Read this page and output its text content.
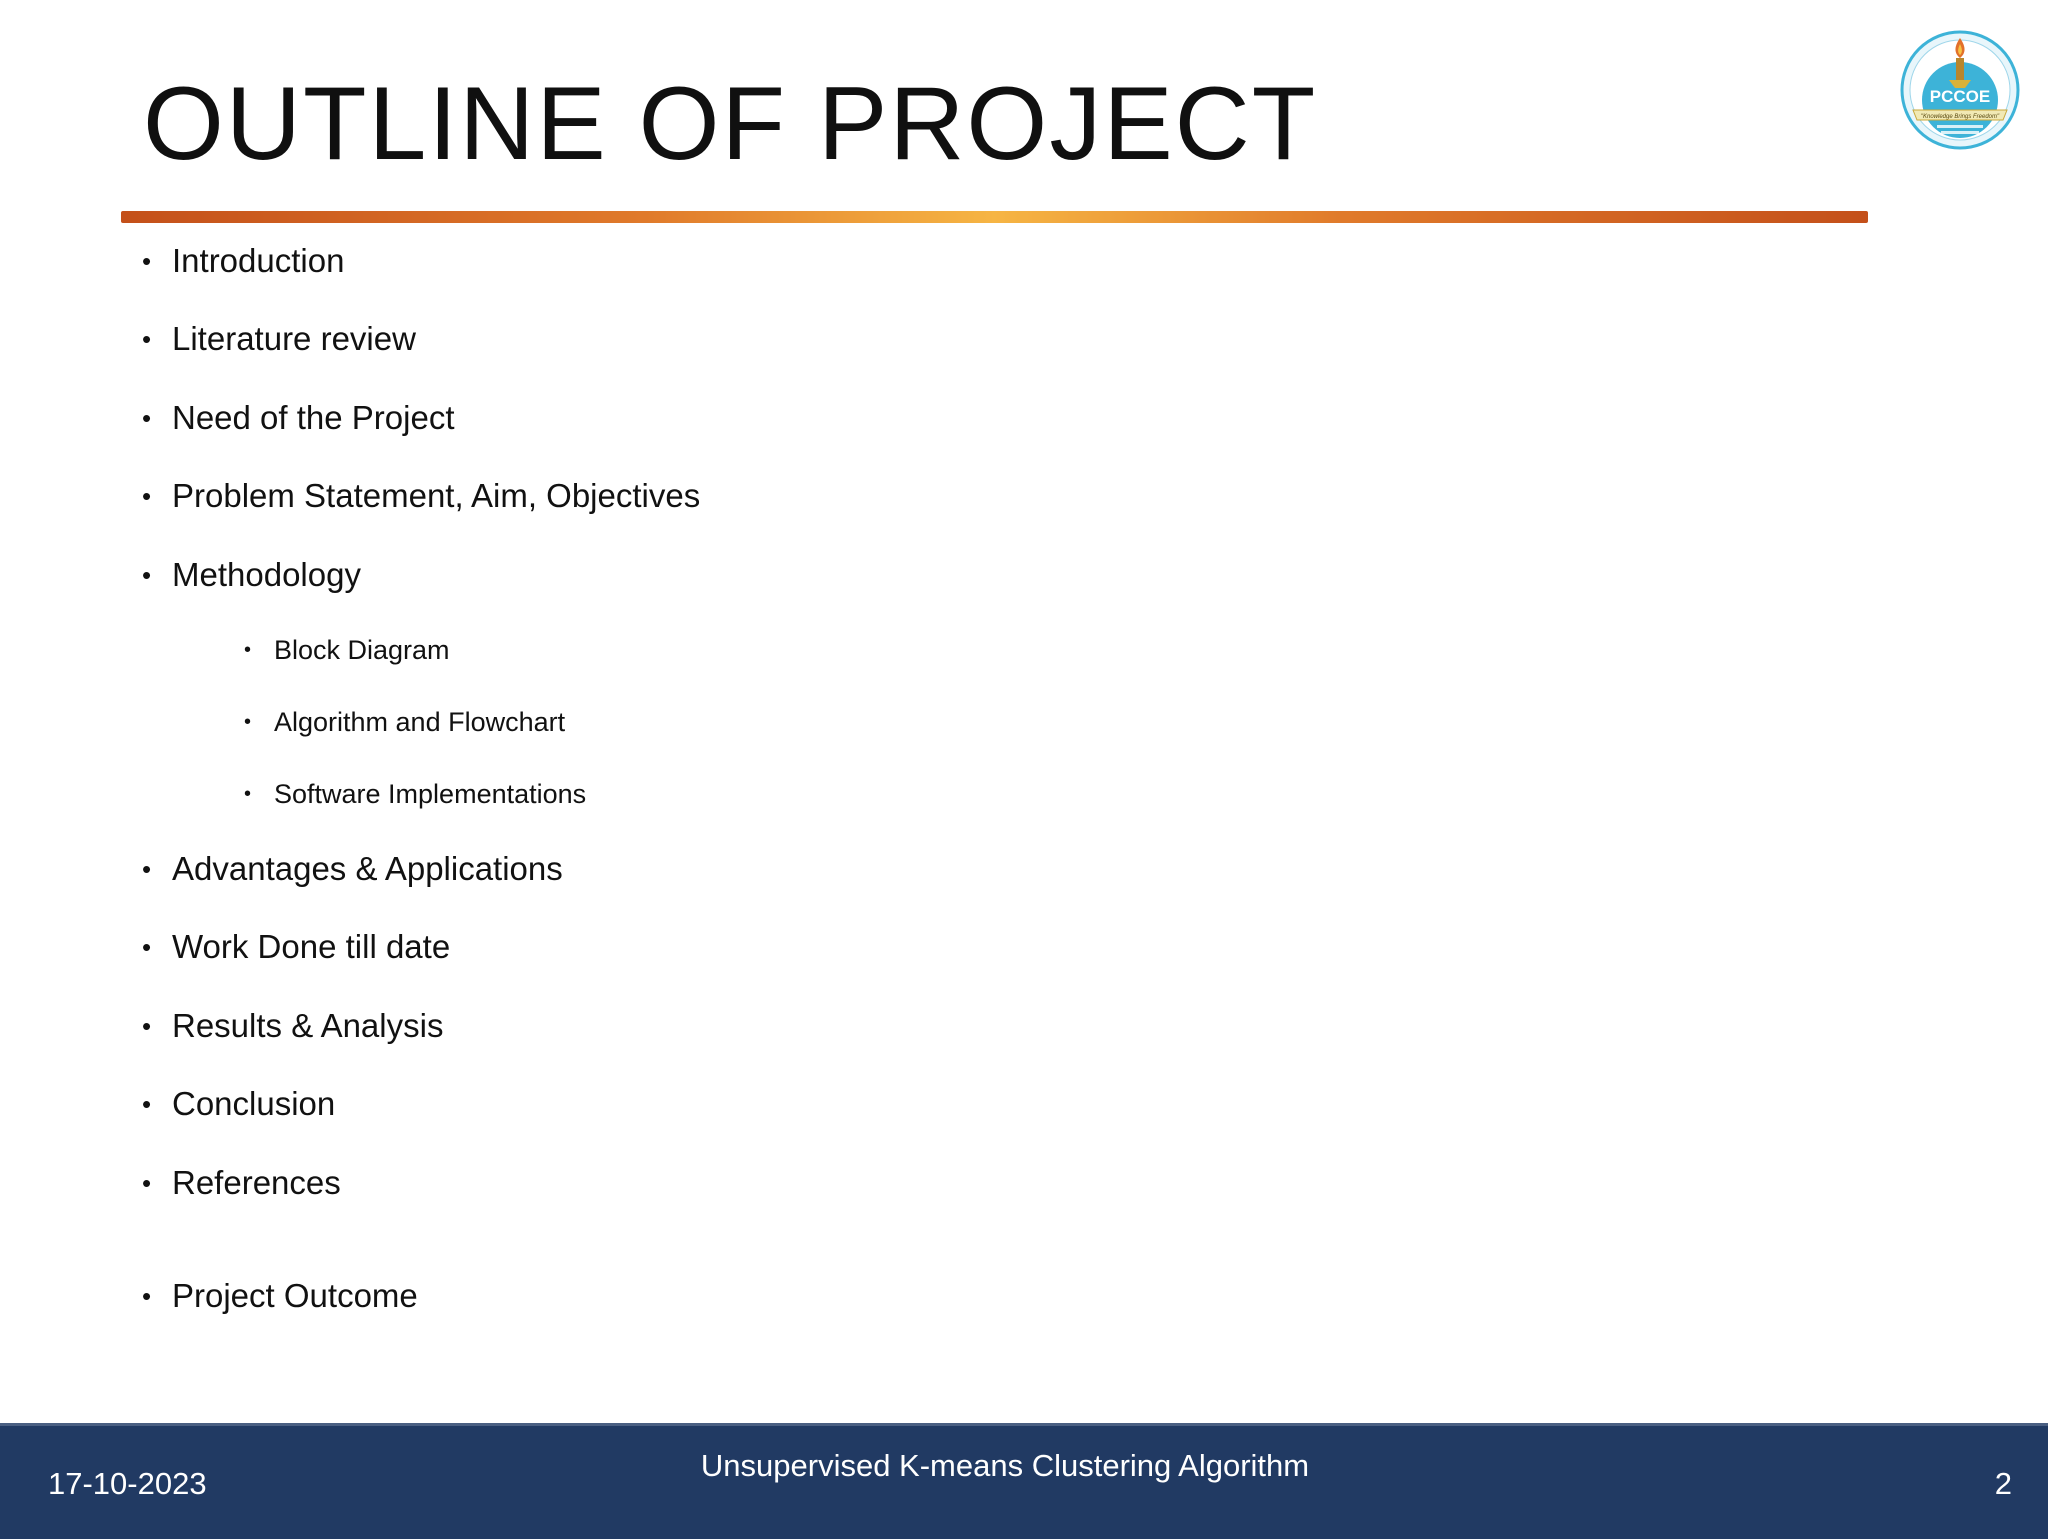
OUTLINE OF PROJECT	PCCOE
"Knowledge Brings Freedom"
• Introduction
• Literature review
• Need of the Project
• Problem Statement, Aim, Objectives
• Methodology
• Block Diagram
• Algorithm and Flowchart
• Software Implementations
• Advantages & Applications
• Work Done till date
• Results & Analysis
• Conclusion
• References
• Project Outcome
17-10-2023
Unsupervised K-means Clustering Algorithm
2
